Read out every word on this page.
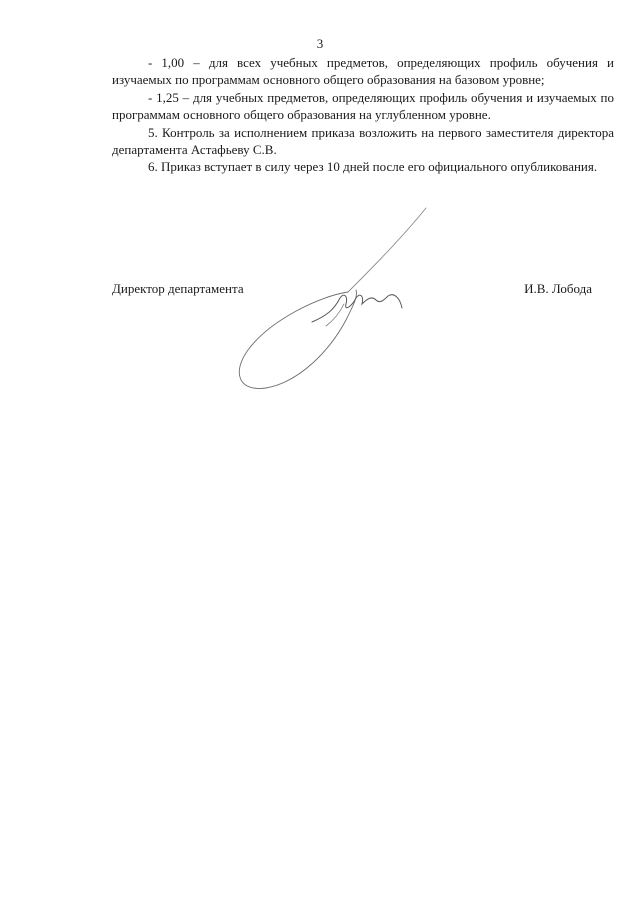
3

- 1,00 – для всех учебных предметов, определяющих профиль обучения и изучаемых по программам основного общего образования на базовом уровне;

- 1,25 – для учебных предметов, определяющих профиль обучения и изучаемых по программам основного общего образования на углубленном уровне.

5. Контроль за исполнением приказа возложить на первого заместителя директора департамента Астафьеву С.В.

6. Приказ вступает в силу через 10 дней после его официального опубликования.

Директор департамента	И.В. Лобода
